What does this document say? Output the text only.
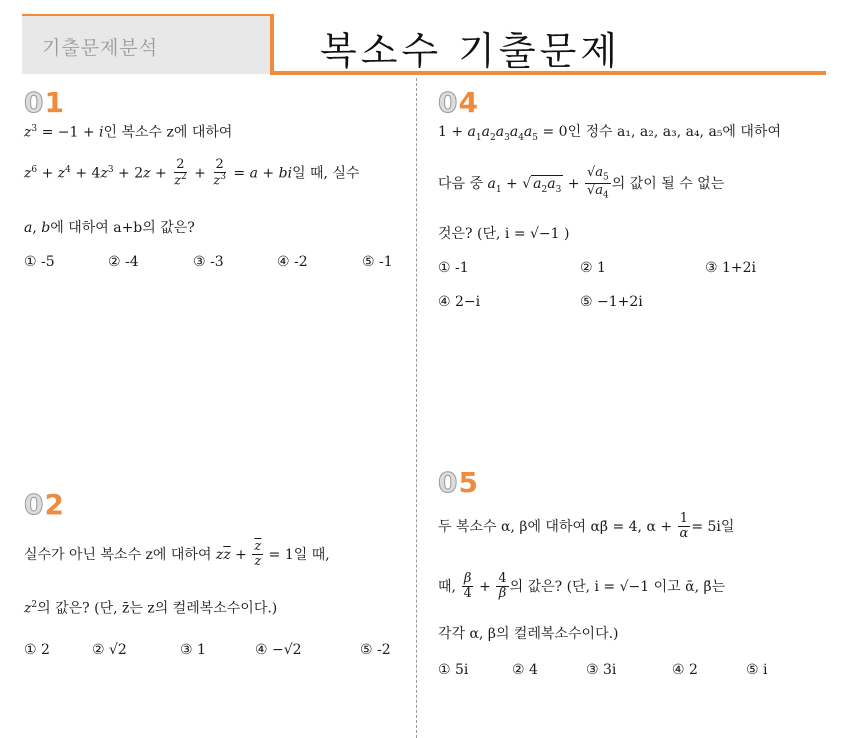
기출문제분석	복소수 기출문제
01
$z^3 = -1 + i$인 복소수 z에 대하여
$z^6 + z^4 + 4z^3 + 2z + \frac{2}{z^2} + \frac{2}{z^3} = a$ + bi일 때, 실수
a, b에 대하여 a+b의 값은?
① -5	② -4	③ -3	④ -2	⑤ -1
02
실수가 아닌 복소수 z에 대하여 $z\overline{z} + \frac{\overline{z}}{z} = 1$일 때,
$z^2$의 값은? (단, z̄는 z의 컬레복소수이다.)
① 2	② √2	③ 1	④ −√2	⑤ -2
04
$1 + a_1a_2a_3a_4a_5 = 0$인 정수 a₁, a₂, a₃, a₄, a₅에 대하여
다음 중 $a_1$ + √ $a_2a_3 + \frac{√a_5}{√a_4}$ 의 값이 될 수 없는
것은? (단, i = √−1 )
① -1	② 1	③ 1+2i
④ 2−i	⑤ −1+2i
05
두 복소수 α, β에 대하여 αβ̄ = 4, $\alpha + \frac{1}{\alpha} = 5i$일
때, $\frac{\beta}{4} + \frac{4}{\beta}$ 의 값은? (단, i = √−1 이고 ᾱ, β̄는
각각 α, β의 컬레복소수이다.)
① 5i	② 4	③ 3i	④ 2	⑤ i
